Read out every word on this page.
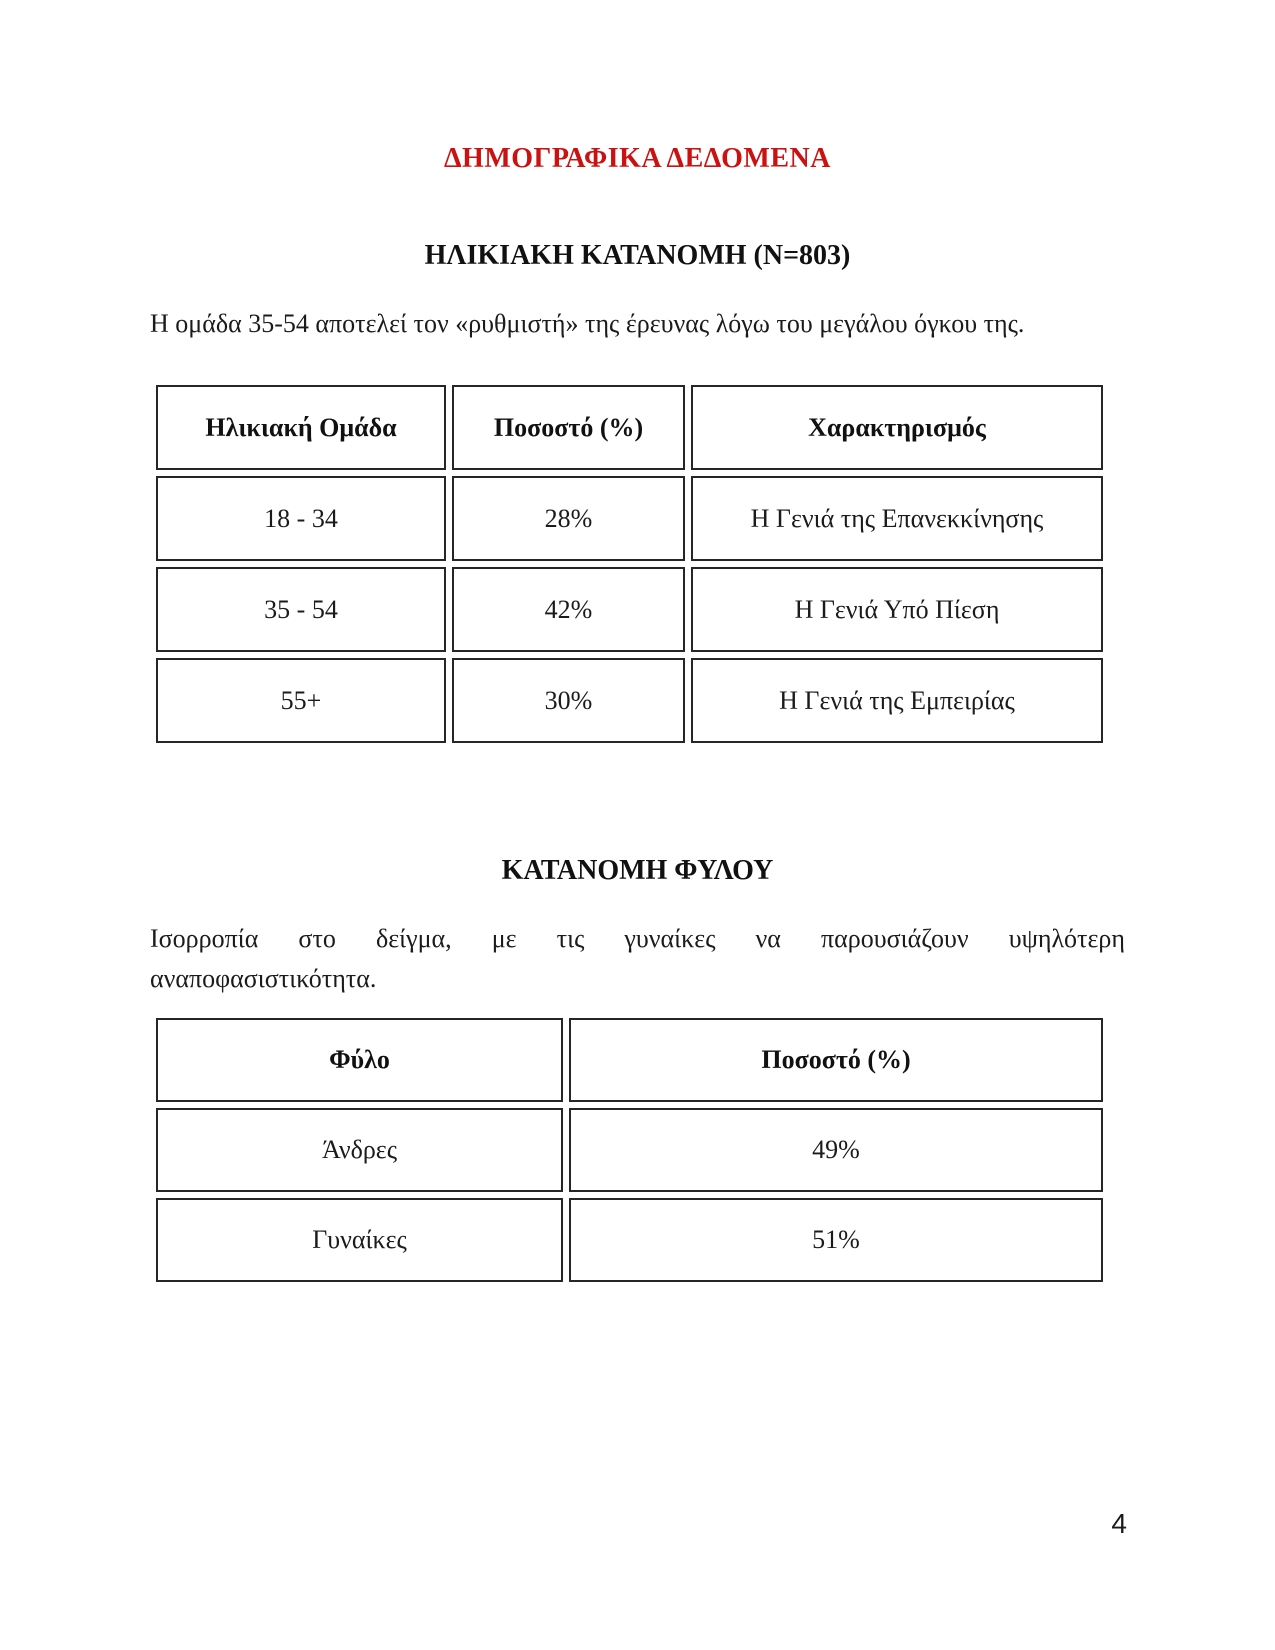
ΔΗΜΟΓΡΑΦΙΚΑ ΔΕΔΟΜΕΝΑ
ΗΛΙΚΙΑΚΗ ΚΑΤΑΝΟΜΗ (N=803)

Η ομάδα 35-54 αποτελεί τον «ρυθμιστή» της έρευνας λόγω του μεγάλου όγκου της.

Ηλικιακή Ομάδα	Ποσοστό (%)	Χαρακτηρισμός
18 - 34	28%	Η Γενιά της Επανεκκίνησης
35 - 54	42%	Η Γενιά Υπό Πίεση
55+	30%	Η Γενιά της Εμπειρίας
ΚΑΤΑΝΟΜΗ ΦΥΛΟΥ

Ισορροπία στο δείγμα, με τις γυναίκες να παρουσιάζουν υψηλότερη
αναποφασιστικότητα.

Φύλο	Ποσοστό (%)
Άνδρες	49%
Γυναίκες	51%
4
